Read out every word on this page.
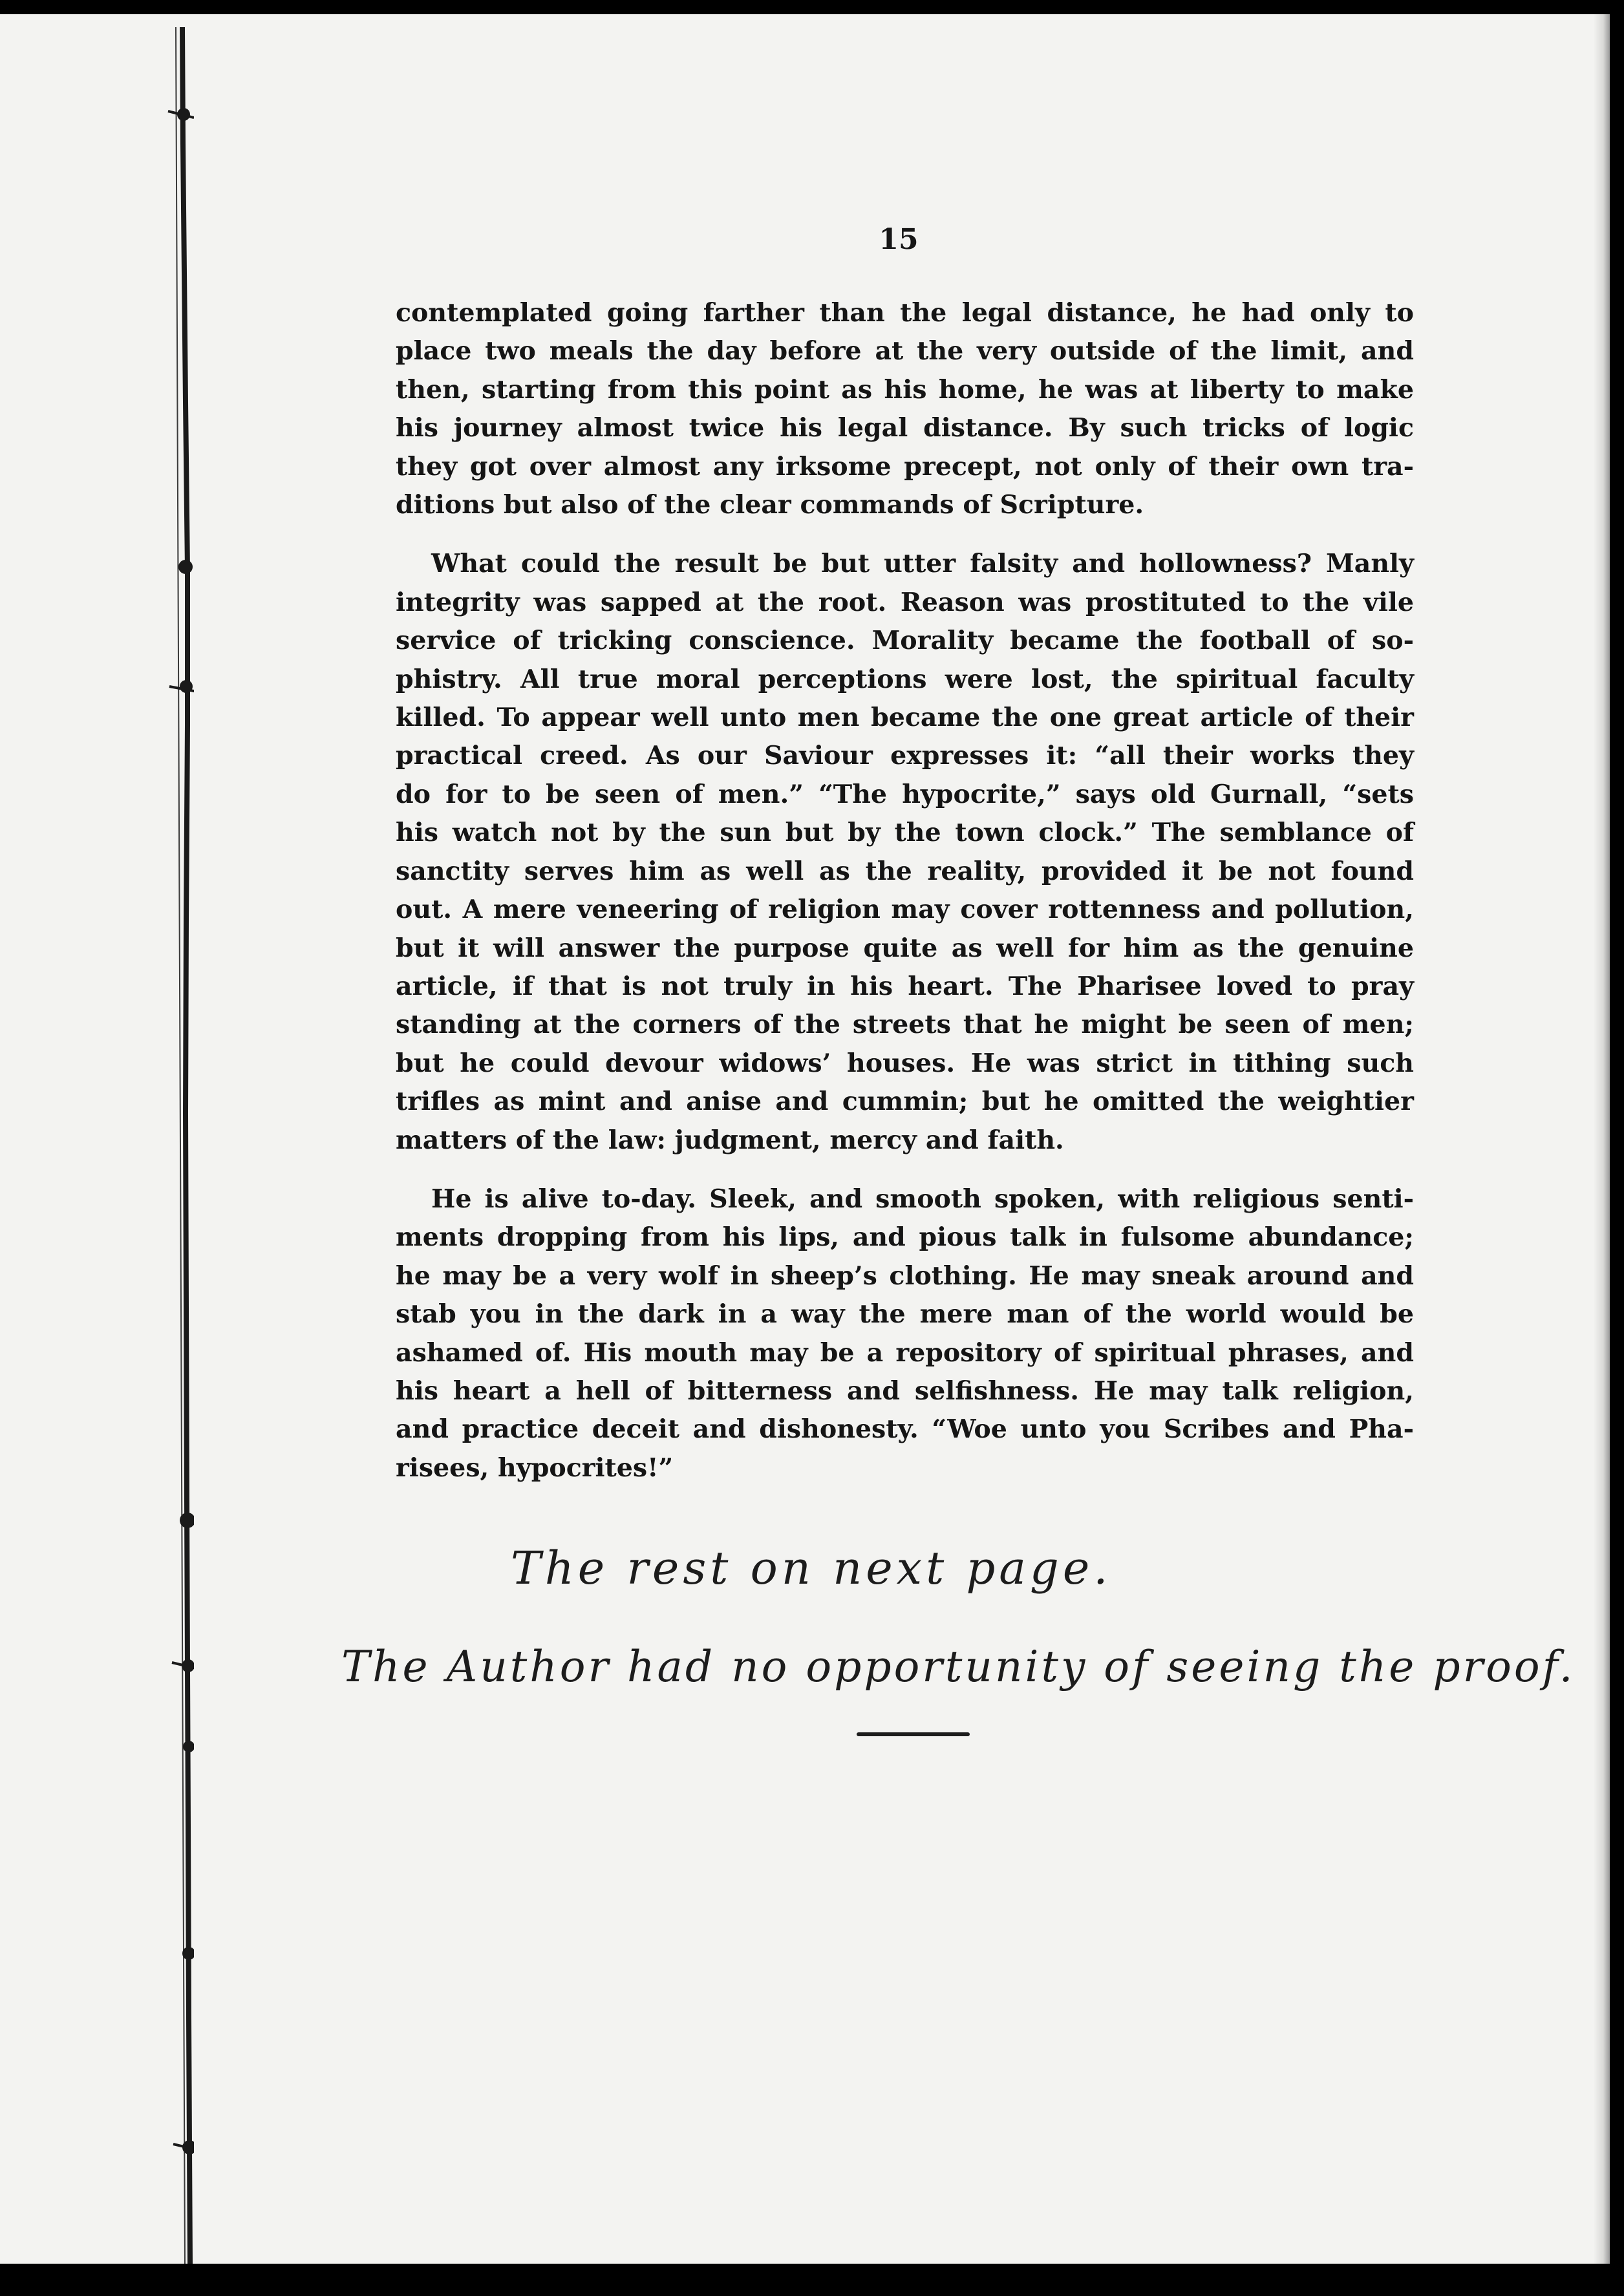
15
contemplated going farther than the legal distance, he had only to
place two meals the day before at the very outside of the limit, and
then, starting from this point as his home, he was at liberty to make
his journey almost twice his legal distance. By such tricks of logic
they got over almost any irksome precept, not only of their own tra-
ditions but also of the clear commands of Scripture.
What could the result be but utter falsity and hollowness? Manly
integrity was sapped at the root. Reason was prostituted to the vile
service of tricking conscience. Morality became the football of so-
phistry. All true moral perceptions were lost, the spiritual faculty
killed. To appear well unto men became the one great article of their
practical creed. As our Saviour expresses it: “all their works they
do for to be seen of men.” “The hypocrite,” says old Gurnall, “sets
his watch not by the sun but by the town clock.” The semblance of
sanctity serves him as well as the reality, provided it be not found
out. A mere veneering of religion may cover rottenness and pollution,
but it will answer the purpose quite as well for him as the genuine
article, if that is not truly in his heart. The Pharisee loved to pray
standing at the corners of the streets that he might be seen of men;
but he could devour widows’ houses. He was strict in tithing such
trifles as mint and anise and cummin; but he omitted the weightier
matters of the law: judgment, mercy and faith.
He is alive to-day. Sleek, and smooth spoken, with religious senti-
ments dropping from his lips, and pious talk in fulsome abundance;
he may be a very wolf in sheep’s clothing. He may sneak around and
stab you in the dark in a way the mere man of the world would be
ashamed of. His mouth may be a repository of spiritual phrases, and
his heart a hell of bitterness and selfishness. He may talk religion,
and practice deceit and dishonesty. “Woe unto you Scribes and Pha-
risees, hypocrites!”
The rest on next page.
The Author had no opportunity of seeing the proof.
